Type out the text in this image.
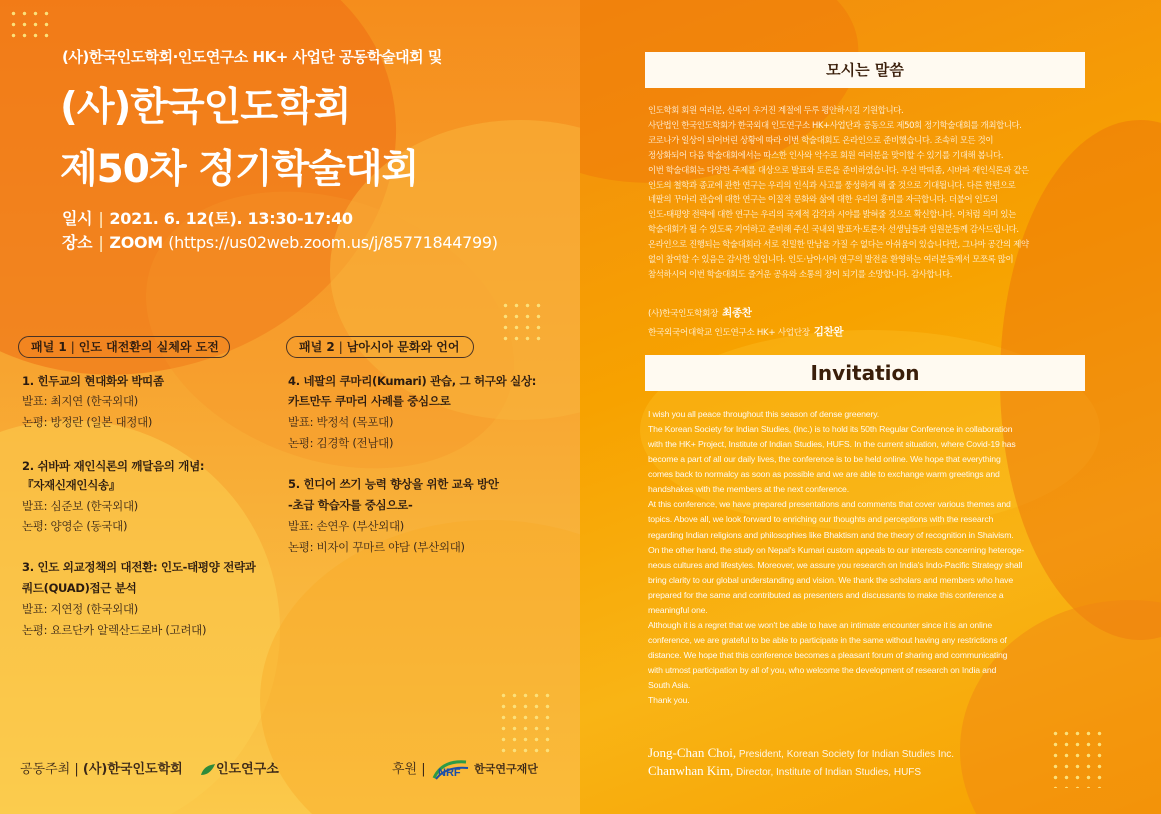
(사)한국인도학회·인도연구소 HK+ 사업단 공동학술대회 및
(사)한국인도학회
제50차 정기학술대회
일시 | 2021. 6. 12(토). 13:30-17:40
장소 | ZOOM (https://us02web.zoom.us/j/85771844799)
패널 1 | 인도 대전환의 실체와 도전
1. 힌두교의 현대화와 박띠좀
발표: 최지연 (한국외대)
논평: 방정란 (일본 대정대)
2. 쉬바파 재인식론의 깨달음의 개념:
『자재신재인식송』
발표: 심준보 (한국외대)
논평: 양영순 (동국대)
3. 인도 외교정책의 대전환: 인도-태평양 전략과
쿼드(QUAD)접근 분석
발표: 지연정 (한국외대)
논평: 요르단카 알렉산드로바 (고려대)
패널 2 | 남아시아 문화와 언어
4. 네팔의 쿠마리(Kumari) 관습, 그 허구와 실상:
카트만두 쿠마리 사례를 중심으로
발표: 박정석 (목포대)
논평: 김경학 (전남대)
5. 힌디어 쓰기 능력 향상을 위한 교육 방안
-초급 학습자를 중심으로-
발표: 손연우 (부산외대)
논평: 비자이 꾸마르 야담 (부산외대)
공동주최 | (사)한국인도학회	인도연구소	후원 | NRF 한국연구재단
모시는 말씀
인도학회 회원 여러분, 신록이 우거진 계절에 두루 평안하시길 기원합니다.
사단법인 한국인도학회가 한국외대 인도연구소 HK+사업단과 공동으로 제50회 정기학술대회를 개최합니다.
코로나가 일상이 되어버린 상황에 따라 이번 학술대회도 온라인으로 준비했습니다. 조속히 모든 것이
정상화되어 다음 학술대회에서는 따스한 인사와 악수로 회원 여러분을 맞이할 수 있기를 기대해 봅니다.
이번 학술대회는 다양한 주제를 대상으로 발표와 토론을 준비하였습니다. 우선 박띠좀, 시바파 재인식론과 같은
인도의 철학과 종교에 관한 연구는 우리의 인식과 사고를 풍성하게 해 줄 것으로 기대됩니다. 다른 한편으로
네팔의 꾸마리 관습에 대한 연구는 이질적 문화와 삶에 대한 우리의 흥미를 자극합니다. 더불어 인도의
인도-태평양 전략에 대한 연구는 우리의 국제적 감각과 시야를 밝혀줄 것으로 확신합니다. 이처럼 의미 있는
학술대회가 될 수 있도록 기여하고 준비해 주신 국내외 발표자·토론자 선생님들과 임원분들께 감사드립니다.
온라인으로 진행되는 학술대회라 서로 친밀한 만남을 가질 수 없다는 아쉬움이 있습니다만, 그나마 공간의 제약
없이 참여할 수 있음은 감사한 일입니다. 인도·남아시아 연구의 발전을 환영하는 여러분들께서 모쪼록 많이
참석하시어 이번 학술대회도 즐거운 공유와 소통의 장이 되기를 소망합니다. 감사합니다.
(사)한국인도학회장 최종찬
한국외국어대학교 인도연구소 HK+ 사업단장 김찬완
Invitation
I wish you all peace throughout this season of dense greenery.
The Korean Society for Indian Studies, (Inc.) is to hold its 50th Regular Conference in collaboration
with the HK+ Project, Institute of Indian Studies, HUFS. In the current situation, where Covid-19 has
become a part of all our daily lives, the conference is to be held online. We hope that everything
comes back to normalcy as soon as possible and we are able to exchange warm greetings and
handshakes with the members at the next conference.
At this conference, we have prepared presentations and comments that cover various themes and
topics. Above all, we look forward to enriching our thoughts and perceptions with the research
regarding Indian religions and philosophies like Bhaktism and the theory of recognition in Shaivism.
On the other hand, the study on Nepal's Kumari custom appeals to our interests concerning heteroge-
neous cultures and lifestyles. Moreover, we assure you research on India's Indo-Pacific Strategy shall
bring clarity to our global understanding and vision. We thank the scholars and members who have
prepared for the same and contributed as presenters and discussants to make this conference a
meaningful one.
Although it is a regret that we won't be able to have an intimate encounter since it is an online
conference, we are grateful to be able to participate in the same without having any restrictions of
distance. We hope that this conference becomes a pleasant forum of sharing and communicating
with utmost participation by all of you, who welcome the development of research on India and
South Asia.
Thank you.
Jong-Chan Choi, President, Korean Society for Indian Studies Inc.
Chanwhan Kim, Director, Institute of Indian Studies, HUFS
